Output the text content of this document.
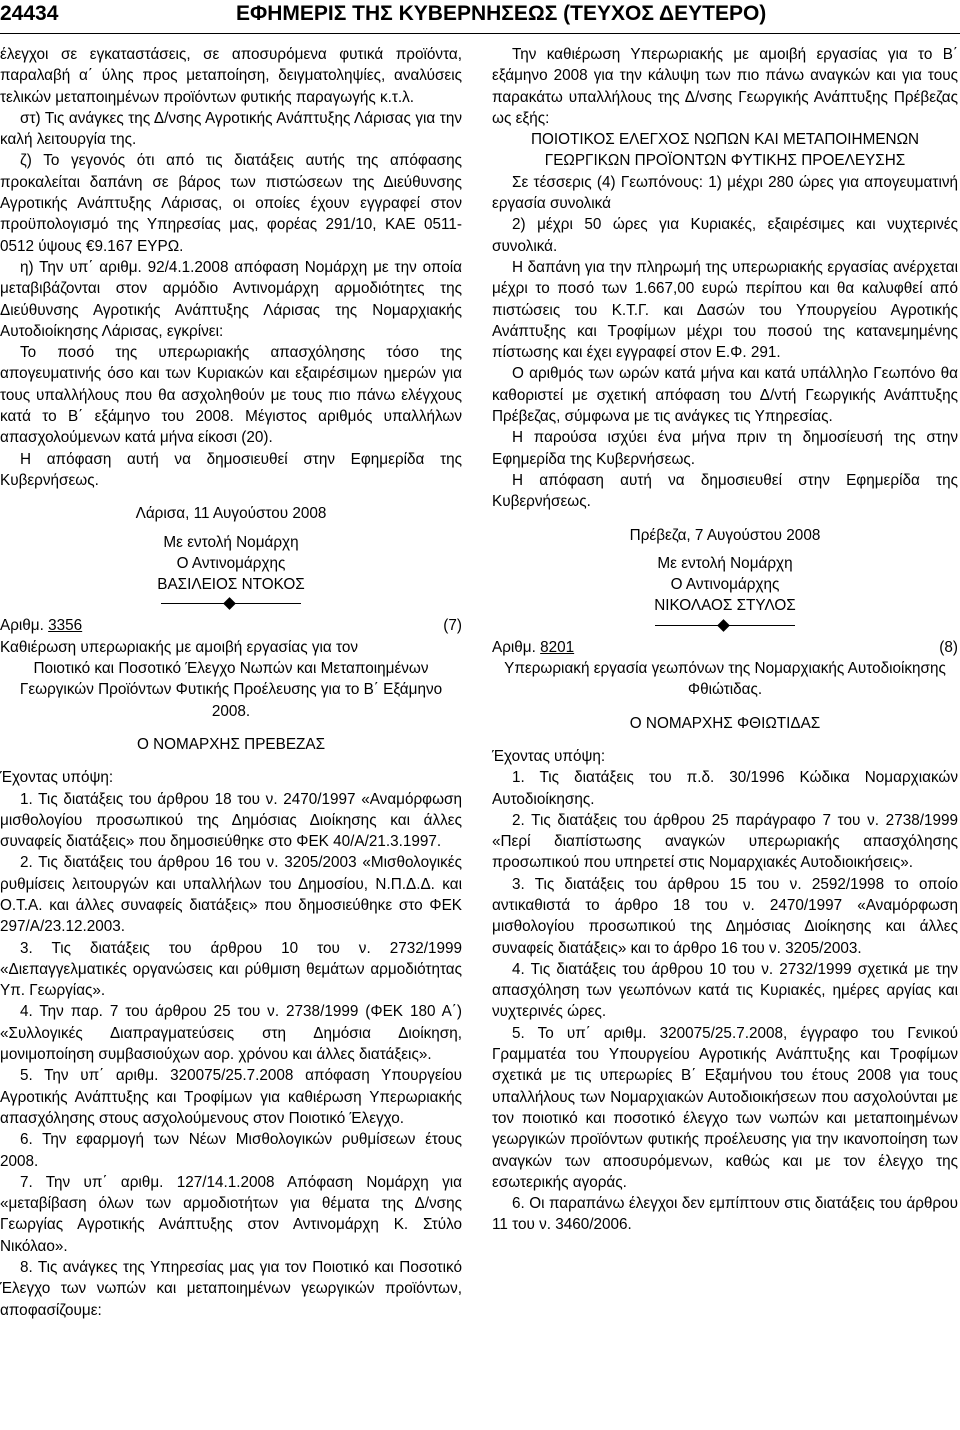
24434	ΕΦΗΜΕΡΙΣ ΤΗΣ ΚΥΒΕΡΝΗΣΕΩΣ (ΤΕΥΧΟΣ ΔΕΥΤΕΡΟ)

έλεγχοι σε εγκαταστάσεις, σε αποσυρόμενα φυτικά προϊόντα, παραλαβή α΄ ύλης προς μεταποίηση, δειγματοληψίες, αναλύσεις τελικών μεταποιημένων προϊόντων φυτικής παραγωγής κ.τ.λ.

στ) Τις ανάγκες της Δ/νσης Αγροτικής Ανάπτυξης Λάρισας για την καλή λειτουργία της.

ζ) Το γεγονός ότι από τις διατάξεις αυτής της απόφασης προκαλείται δαπάνη σε βάρος των πιστώσεων της Διεύθυνσης Αγροτικής Ανάπτυξης Λάρισας, οι οποίες έχουν εγγραφεί στον προϋπολογισμό της Υπηρεσίας μας, φορέας 291/10, ΚΑΕ 0511-0512 ύψους €9.167 ΕΥΡΩ.

η) Την υπ΄ αριθμ. 92/4.1.2008 απόφαση Νομάρχη με την οποία μεταβιβάζονται στον αρμόδιο Αντινομάρχη αρμοδιότητες της Διεύθυνσης Αγροτικής Ανάπτυξης Λάρισας της Νομαρχιακής Αυτοδιοίκησης Λάρισας, εγκρίνει:

Το ποσό της υπερωριακής απασχόλησης τόσο της απογευματινής όσο και των Κυριακών και εξαιρέσιμων ημερών για τους υπαλλήλους που θα ασχοληθούν με τους πιο πάνω ελέγχους κατά το Β΄ εξάμηνο του 2008. Μέγιστος αριθμός υπαλλήλων απασχολούμενων κατά μήνα είκοσι (20).

Η απόφαση αυτή να δημοσιευθεί στην Εφημερίδα της Κυβερνήσεως.

Λάρισα, 11 Αυγούστου 2008

Με εντολή Νομάρχη

Ο Αντινομάρχης

ΒΑΣΙΛΕΙΟΣ ΝΤΟΚΟΣ

Αριθμ. 3356	(7)

Καθιέρωση υπερωριακής με αμοιβή εργασίας για τον

Ποιοτικό και Ποσοτικό Έλεγχο Νωπών και Μεταποιημένων Γεωργικών Προϊόντων Φυτικής Προέλευσης για το Β΄ Εξάμηνο 2008.

Ο ΝΟΜΑΡΧΗΣ ΠΡΕΒΕΖΑΣ

Έχοντας υπόψη:

1. Τις διατάξεις του άρθρου 18 του ν. 2470/1997 «Αναμόρφωση μισθολογίου προσωπικού της Δημόσιας Διοίκησης και άλλες συναφείς διατάξεις» που δημοσιεύθηκε στο ΦΕΚ 40/Α/21.3.1997.

2. Τις διατάξεις του άρθρου 16 του ν. 3205/2003 «Μισθολογικές ρυθμίσεις λειτουργών και υπαλλήλων του Δημοσίου, Ν.Π.Δ.Δ. και Ο.Τ.Α. και άλλες συναφείς διατάξεις» που δημοσιεύθηκε στο ΦΕΚ 297/Α/23.12.2003.

3. Τις διατάξεις του άρθρου 10 του ν. 2732/1999 «Διεπαγγελματικές οργανώσεις και ρύθμιση θεμάτων αρμοδιότητας Υπ. Γεωργίας».

4. Την παρ. 7 του άρθρου 25 του ν. 2738/1999 (ΦΕΚ 180 Α΄) «Συλλογικές Διαπραγματεύσεις στη Δημόσια Διοίκηση, μονιμοποίηση συμβασιούχων αορ. χρόνου και άλλες διατάξεις».

5. Την υπ΄ αριθμ. 320075/25.7.2008 απόφαση Υπουργείου Αγροτικής Ανάπτυξης και Τροφίμων για καθιέρωση Υπερωριακής απασχόλησης στους ασχολούμενους στον Ποιοτικό Έλεγχο.

6. Την εφαρμογή των Νέων Μισθολογικών ρυθμίσεων έτους 2008.

7. Την υπ΄ αριθμ. 127/14.1.2008 Απόφαση Νομάρχη για «μεταβίβαση όλων των αρμοδιοτήτων για θέματα της Δ/νσης Γεωργίας Αγροτικής Ανάπτυξης στον Αντινομάρχη Κ. Στύλο Νικόλαο».

8. Τις ανάγκες της Υπηρεσίας μας για τον Ποιοτικό και Ποσοτικό Έλεγχο των νωπών και μεταποιημένων γεωργικών προϊόντων, αποφασίζουμε:

Την καθιέρωση Υπερωριακής με αμοιβή εργασίας για το Β΄ εξάμηνο 2008 για την κάλυψη των πιο πάνω αναγκών και για τους παρακάτω υπαλλήλους της Δ/νσης Γεωργικής Ανάπτυξης Πρέβεζας ως εξής:

ΠΟΙΟΤΙΚΟΣ ΕΛΕΓΧΟΣ ΝΩΠΩΝ ΚΑΙ ΜΕΤΑΠΟΙΗΜΕΝΩΝ

ΓΕΩΡΓΙΚΩΝ ΠΡΟΪΟΝΤΩΝ ΦΥΤΙΚΗΣ ΠΡΟΕΛΕΥΣΗΣ

Σε τέσσερις (4) Γεωπόνους: 1) μέχρι 280 ώρες για απογευματινή εργασία συνολικά

2) μέχρι 50 ώρες για Κυριακές, εξαιρέσιμες και νυχτερινές συνολικά.

Η δαπάνη για την πληρωμή της υπερωριακής εργασίας ανέρχεται μέχρι το ποσό των 1.667,00 ευρώ περίπου και θα καλυφθεί από πιστώσεις του Κ.Τ.Γ. και Δασών του Υπουργείου Αγροτικής Ανάπτυξης και Τροφίμων μέχρι του ποσού της κατανεμημένης πίστωσης και έχει εγγραφεί στον Ε.Φ. 291.

Ο αριθμός των ωρών κατά μήνα και κατά υπάλληλο Γεωπόνο θα καθοριστεί με σχετική απόφαση του Δ/ντή Γεωργικής Ανάπτυξης Πρέβεζας, σύμφωνα με τις ανάγκες τις Υπηρεσίας.

Η παρούσα ισχύει ένα μήνα πριν τη δημοσίευσή της στην Εφημερίδα της Κυβερνήσεως.

Η απόφαση αυτή να δημοσιευθεί στην Εφημερίδα της Κυβερνήσεως.

Πρέβεζα, 7 Αυγούστου 2008

Με εντολή Νομάρχη

Ο Αντινομάρχης

ΝΙΚΟΛΑΟΣ ΣΤΥΛΟΣ

Αριθμ. 8201	(8)

Υπερωριακή εργασία γεωπόνων της Νομαρχιακής Αυτοδιοίκησης Φθιώτιδας.

Ο ΝΟΜΑΡΧΗΣ ΦΘΙΩΤΙΔΑΣ

Έχοντας υπόψη:

1. Τις διατάξεις του π.δ. 30/1996 Κώδικα Νομαρχιακών Αυτοδιοίκησης.

2. Τις διατάξεις του άρθρου 25 παράγραφο 7 του ν. 2738/1999 «Περί διαπίστωσης αναγκών υπερωριακής απασχόλησης προσωπικού που υπηρετεί στις Νομαρχιακές Αυτοδιοικήσεις».

3. Τις διατάξεις του άρθρου 15 του ν. 2592/1998 το οποίο αντικαθιστά το άρθρο 18 του ν. 2470/1997 «Αναμόρφωση μισθολογίου προσωπικού της Δημόσιας Διοίκησης και άλλες συναφείς διατάξεις» και το άρθρο 16 του ν. 3205/2003.

4. Τις διατάξεις του άρθρου 10 του ν. 2732/1999 σχετικά με την απασχόληση των γεωπόνων κατά τις Κυριακές, ημέρες αργίας και νυχτερινές ώρες.

5. Το υπ΄ αριθμ. 320075/25.7.2008, έγγραφο του Γενικού Γραμματέα του Υπουργείου Αγροτικής Ανάπτυξης και Τροφίμων σχετικά με τις υπερωρίες Β΄ Εξαμήνου του έτους 2008 για τους υπαλλήλους των Νομαρχιακών Αυτοδιοικήσεων που ασχολούνται με τον ποιοτικό και ποσοτικό έλεγχο των νωπών και μεταποιημένων γεωργικών προϊόντων φυτικής προέλευσης για την ικανοποίηση των αναγκών των αποσυρόμενων, καθώς και με τον έλεγχο της εσωτερικής αγοράς.

6. Οι παραπάνω έλεγχοι δεν εμπίπτουν στις διατάξεις του άρθρου 11 του ν. 3460/2006.
